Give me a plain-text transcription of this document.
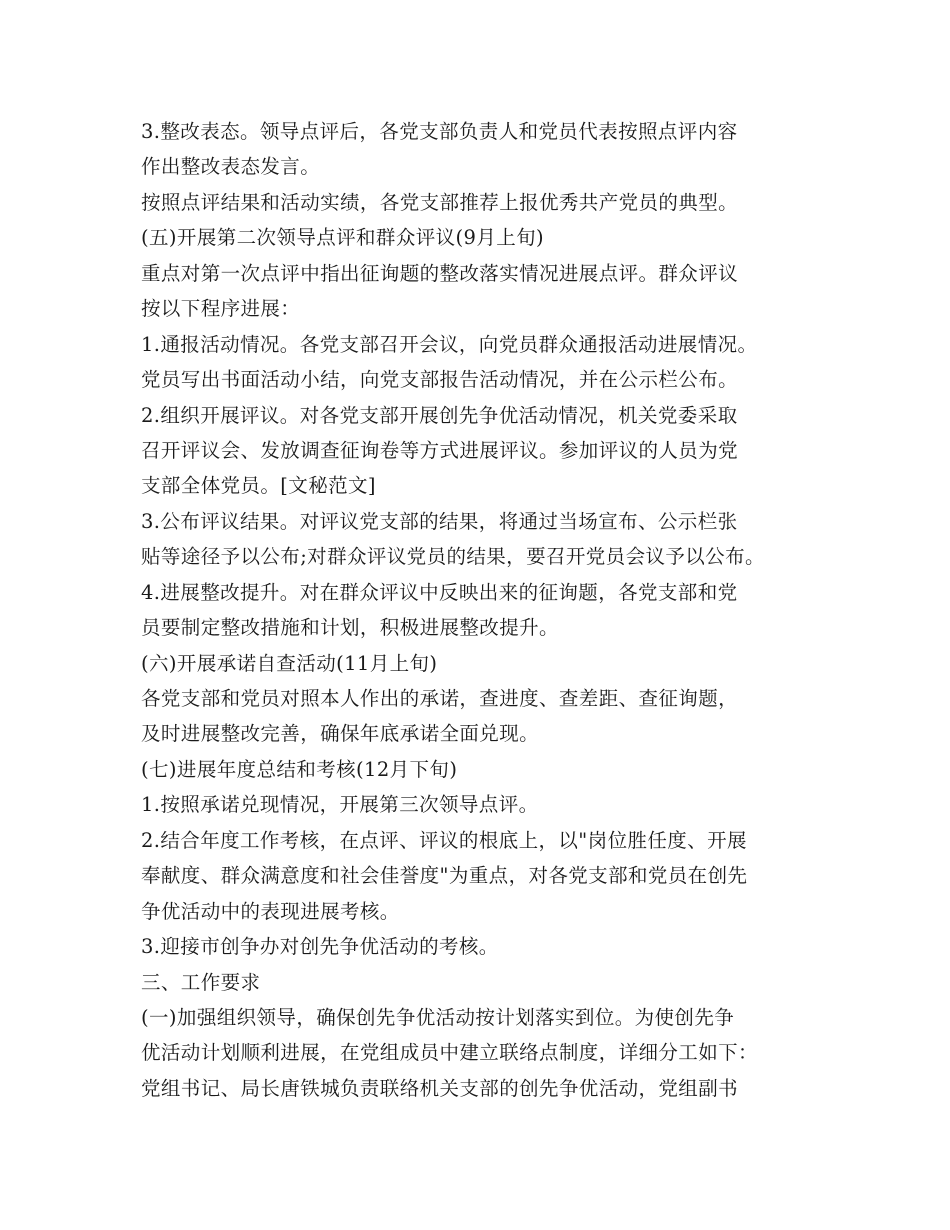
3.整改表态。领导点评后，各党支部负责人和党员代表按照点评内容
作出整改表态发言。
按照点评结果和活动实绩，各党支部推荐上报优秀共产党员的典型。
(五)开展第二次领导点评和群众评议(9月上旬)
重点对第一次点评中指出征询题的整改落实情况进展点评。群众评议
按以下程序进展：
1.通报活动情况。各党支部召开会议，向党员群众通报活动进展情况。
党员写出书面活动小结，向党支部报告活动情况，并在公示栏公布。
2.组织开展评议。对各党支部开展创先争优活动情况，机关党委采取
召开评议会、发放调查征询卷等方式进展评议。参加评议的人员为党
支部全体党员。[文秘范文]
3.公布评议结果。对评议党支部的结果，将通过当场宣布、公示栏张
贴等途径予以公布;对群众评议党员的结果，要召开党员会议予以公布。
4.进展整改提升。对在群众评议中反映出来的征询题，各党支部和党
员要制定整改措施和计划，积极进展整改提升。
(六)开展承诺自查活动(11月上旬)
各党支部和党员对照本人作出的承诺，查进度、查差距、查征询题，
及时进展整改完善，确保年底承诺全面兑现。
(七)进展年度总结和考核(12月下旬)
1.按照承诺兑现情况，开展第三次领导点评。
2.结合年度工作考核，在点评、评议的根底上，以"岗位胜任度、开展
奉献度、群众满意度和社会佳誉度"为重点，对各党支部和党员在创先
争优活动中的表现进展考核。
3.迎接市创争办对创先争优活动的考核。
三、工作要求
(一)加强组织领导，确保创先争优活动按计划落实到位。为使创先争
优活动计划顺利进展，在党组成员中建立联络点制度，详细分工如下：
党组书记、局长唐铁城负责联络机关支部的创先争优活动，党组副书
